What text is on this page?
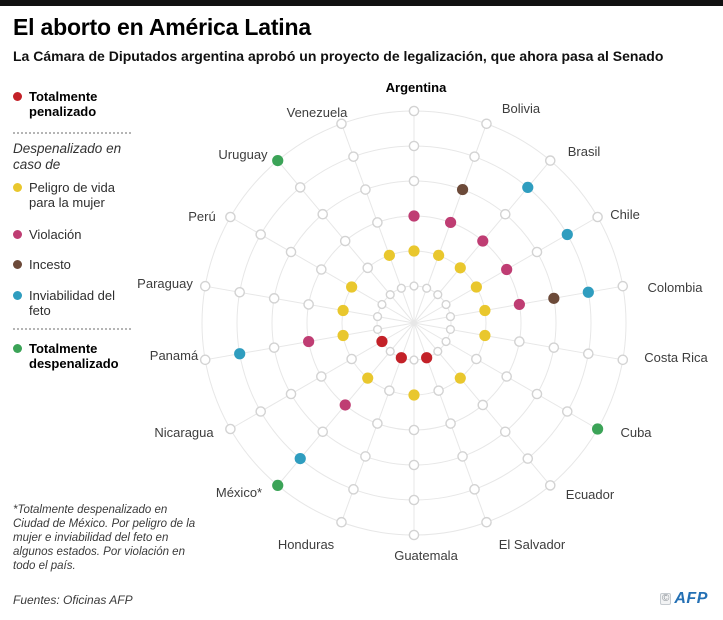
El aborto en América Latina
La Cámara de Diputados argentina aprobó un proyecto de legalización, que ahora pasa al Senado
Totalmente penalizado
Despenalizado en caso de
Peligro de vida para la mujer
Violación
Incesto
Inviabilidad del feto
Totalmente despenalizado
Argentina
Bolivia
Brasil
Chile
Colombia
Costa Rica
Cuba
Ecuador
El Salvador
Guatemala
Honduras
México*
Nicaragua
Panamá
Paraguay
Perú
Uruguay
Venezuela
*Totalmente despenalizado en Ciudad de México. Por peligro de la mujer e inviabilidad del feto en algunos estados. Por violación en todo el país.
Fuentes: Oficinas AFP	© AFP
